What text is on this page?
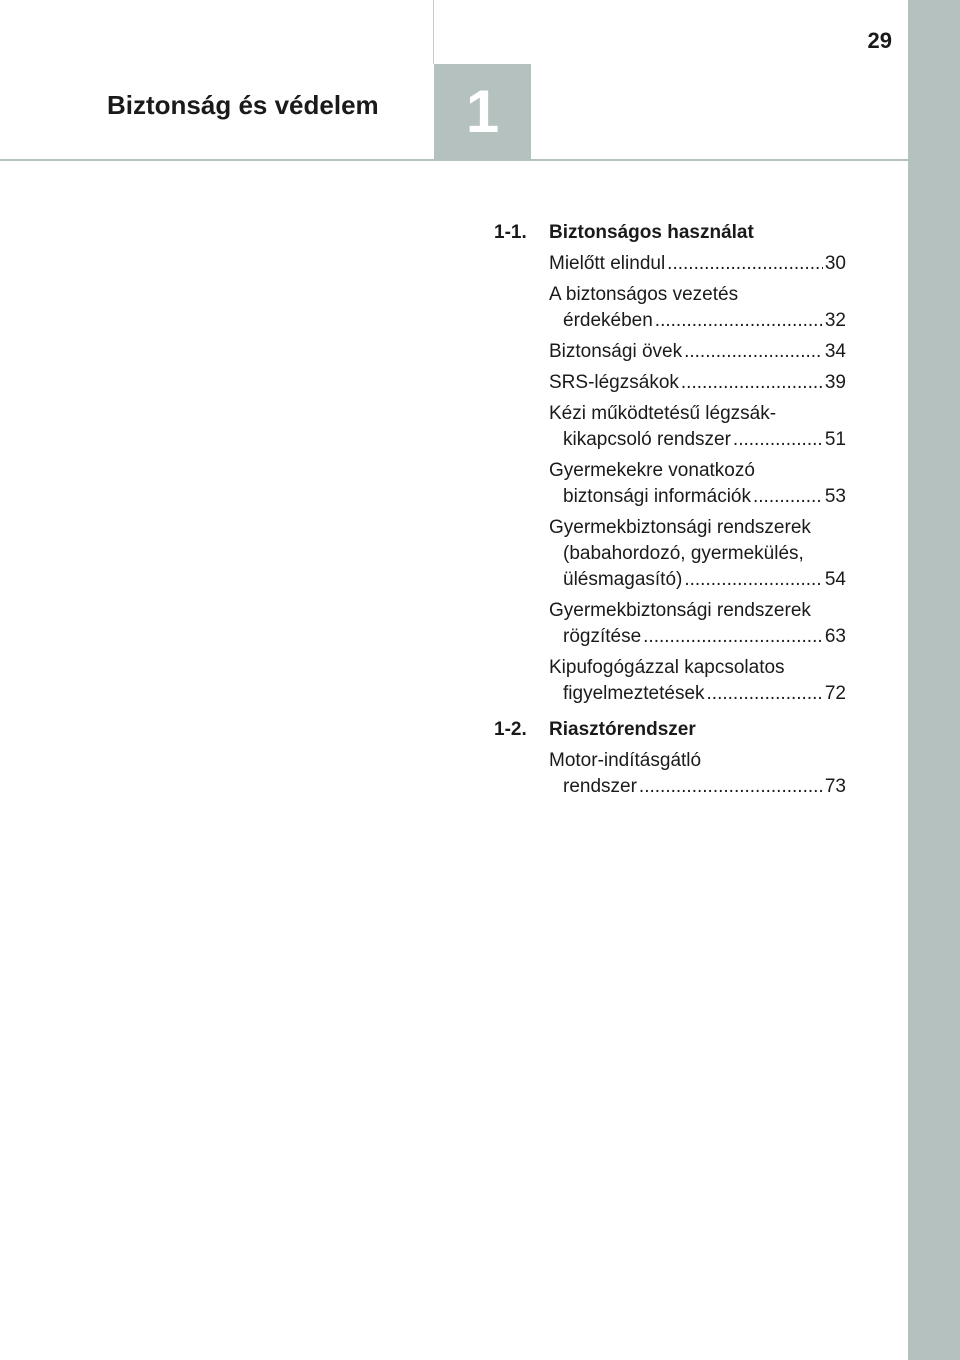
Biztonság és védelem 1
29
1-1.	Biztonságos használat
Mielőtt elindul .....	30
A biztonságos vezetés
érdekében .....	32
Biztonsági övek .....	34
SRS-légzsákok .....	39
Kézi működtetésű légzsák-
kikapcsoló rendszer .....	51
Gyermekekre vonatkozó
biztonsági információk .....	53
Gyermekbiztonsági rendszerek
(babahordozó, gyermekülés,
ülésmagasító) .....	54
Gyermekbiztonsági rendszerek
rögzítése .....	63
Kipufogógázzal kapcsolatos
figyelmeztetések .....	72
1-2.	Riasztórendszer
Motor-indításgátló
rendszer .....	73
